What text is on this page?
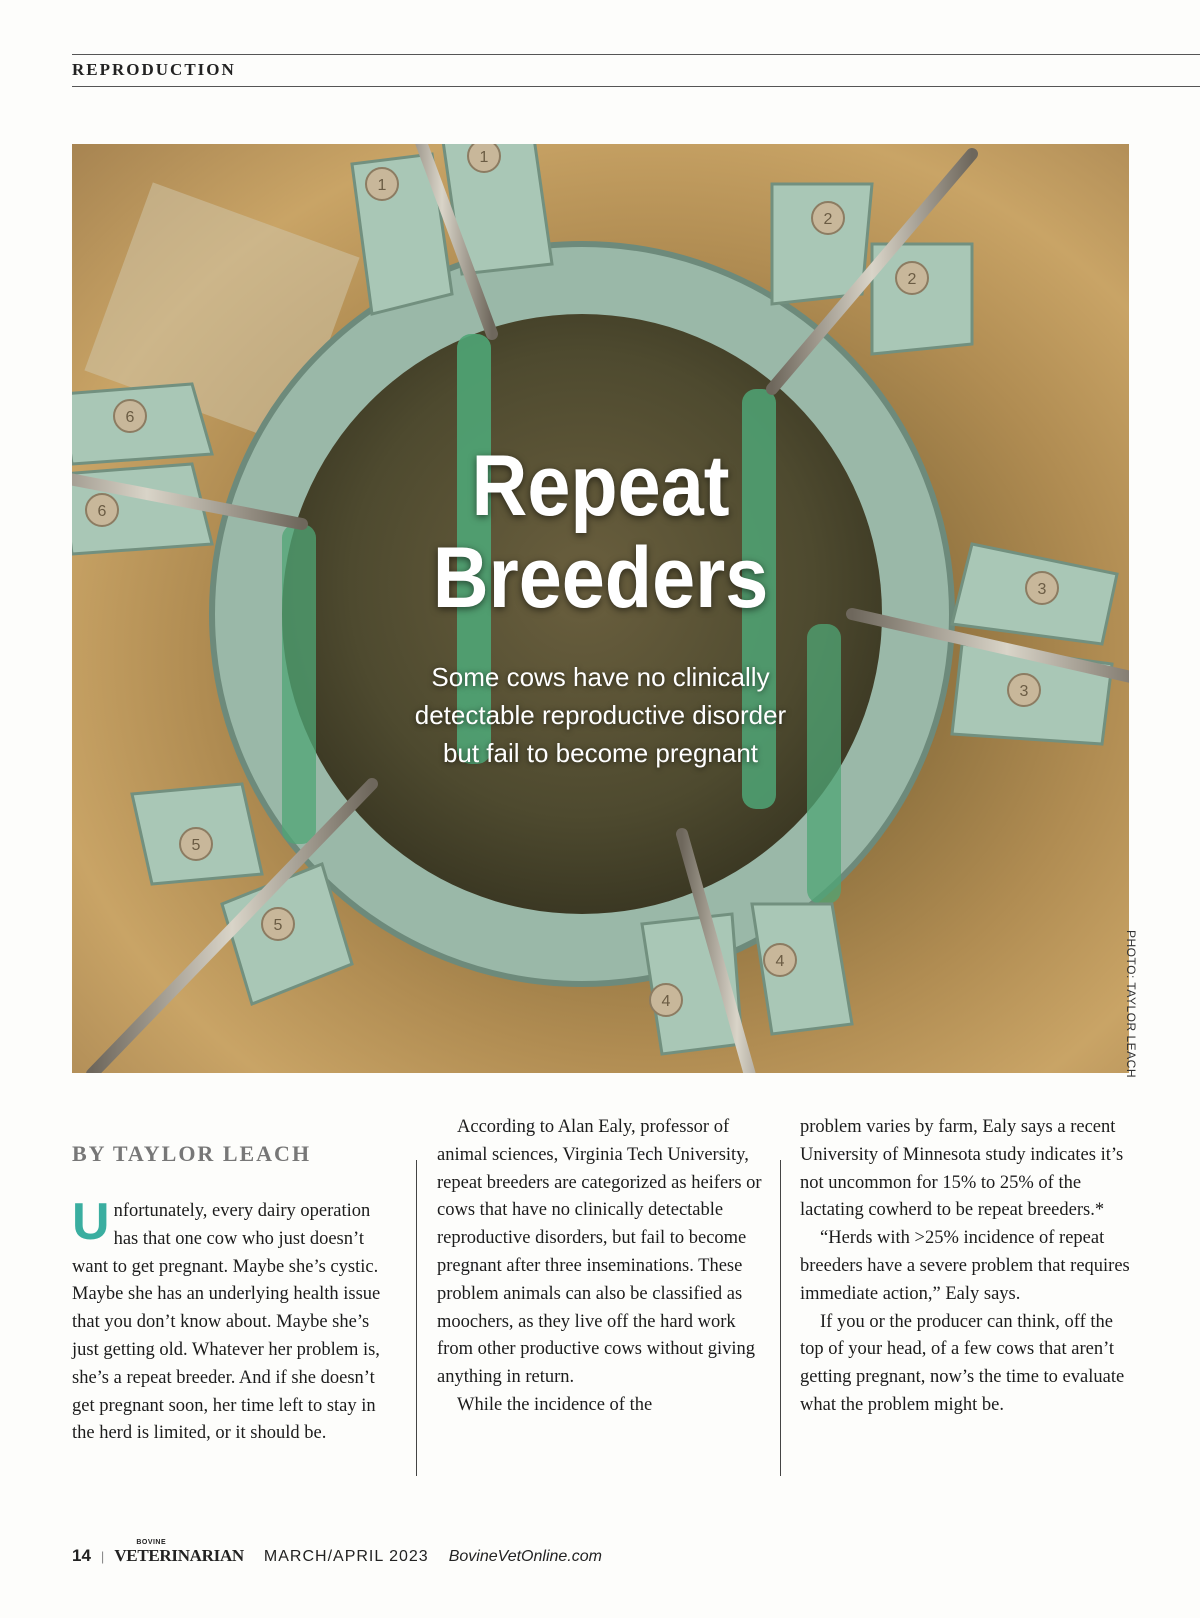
REPRODUCTION
1
1
2
2
3
3
4
4
5
5
6
6
Repeat
Breeders
Some cows have no clinically
detectable reproductive disorder
but fail to become pregnant
PHOTO: TAYLOR LEACH
BY TAYLOR LEACH

Unfortunately, every dairy operation has that one cow who just doesn’t want to get pregnant. Maybe she’s cystic. Maybe she has an underlying health issue that you don’t know about. Maybe she’s just getting old. Whatever her problem is, she’s a repeat breeder. And if she doesn’t get pregnant soon, her time left to stay in the herd is limited, or it should be.

According to Alan Ealy, professor of animal sciences, Virginia Tech University, repeat breeders are categorized as heifers or cows that have no clinically detectable reproductive disorders, but fail to become pregnant after three inseminations. These problem animals can also be classified as moochers, as they live off the hard work from other productive cows without giving anything in return.

While the incidence of the

problem varies by farm, Ealy says a recent University of Minnesota study indicates it’s not uncommon for 15% to 25% of the lactating cowherd to be repeat breeders.*

“Herds with >25% incidence of repeat breeders have a severe problem that requires immediate action,” Ealy says.

If you or the producer can think, off the top of your head, of a few cows that aren’t getting pregnant, now’s the time to evaluate what the problem might be.

14 |
BOVINE
VETERINARIAN MARCH/APRIL 2023 BovineVetOnline.com
